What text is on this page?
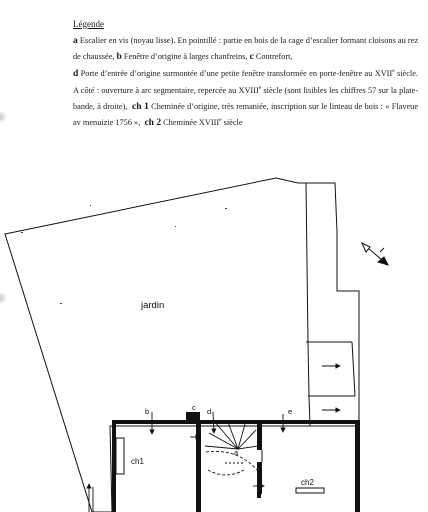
Légende

a Escalier en vis (noyau lisse). En pointillé : partie en bois de la cage d’escalier formant cloisons au rez de chaussée, b Fenêtre d’origine à larges chanfreins, c Contrefort,

d Porte d’entrée d’origine surmontée d’une petite fenêtre transformée en porte-fenêtre au XVIIe siècle. A côté : ouverture à arc segmentaire, repercée au XVIIIe siècle (sont lisibles les chiffres 57 sur la plate-bande, à droite), ch 1 Cheminée d’origine, très remaniée, inscription sur le linteau de bois : « Flaveue av menuizie 1756 », ch 2 Cheminée XVIIIe siècle

jardin
ch1
ch2
a
b	c d	e
